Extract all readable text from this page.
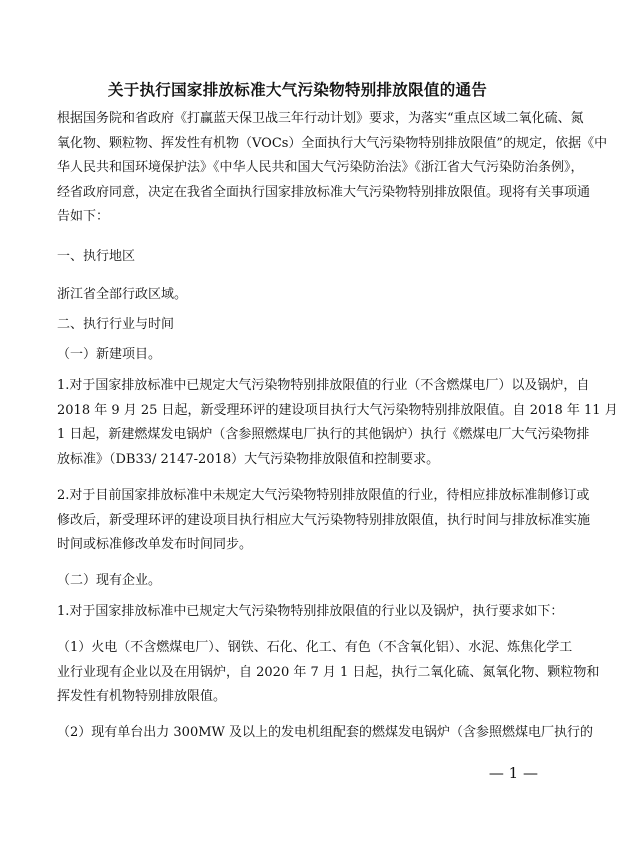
关于执行国家排放标准大气污染物特别排放限值的通告
根据国务院和省政府《打赢蓝天保卫战三年行动计划》要求，为落实“重点区域二氧化硫、氮
氧化物、颗粒物、挥发性有机物（VOCs）全面执行大气污染物特别排放限值”的规定，依据《中
华人民共和国环境保护法》《中华人民共和国大气污染防治法》《浙江省大气污染防治条例》，
经省政府同意，决定在我省全面执行国家排放标准大气污染物特别排放限值。现将有关事项通
告如下：
一、执行地区
浙江省全部行政区域。
二、执行行业与时间
（一）新建项目。
1.对于国家排放标准中已规定大气污染物特别排放限值的行业（不含燃煤电厂）以及锅炉，自
2018 年 9 月 25 日起，新受理环评的建设项目执行大气污染物特别排放限值。自 2018 年 11 月
1 日起，新建燃煤发电锅炉（含参照燃煤电厂执行的其他锅炉）执行《燃煤电厂大气污染物排
放标准》（DB33/ 2147-2018）大气污染物排放限值和控制要求。
2.对于目前国家排放标准中未规定大气污染物特别排放限值的行业，待相应排放标准制修订或
修改后，新受理环评的建设项目执行相应大气污染物特别排放限值，执行时间与排放标准实施
时间或标准修改单发布时间同步。
（二）现有企业。
1.对于国家排放标准中已规定大气污染物特别排放限值的行业以及锅炉，执行要求如下：
（1）火电（不含燃煤电厂）、钢铁、石化、化工、有色（不含氧化铝）、水泥、炼焦化学工
业行业现有企业以及在用锅炉，自 2020 年 7 月 1 日起，执行二氧化硫、氮氧化物、颗粒物和
挥发性有机物特别排放限值。
（2）现有单台出力 300MW 及以上的发电机组配套的燃煤发电锅炉（含参照燃煤电厂执行的
— 1 —
